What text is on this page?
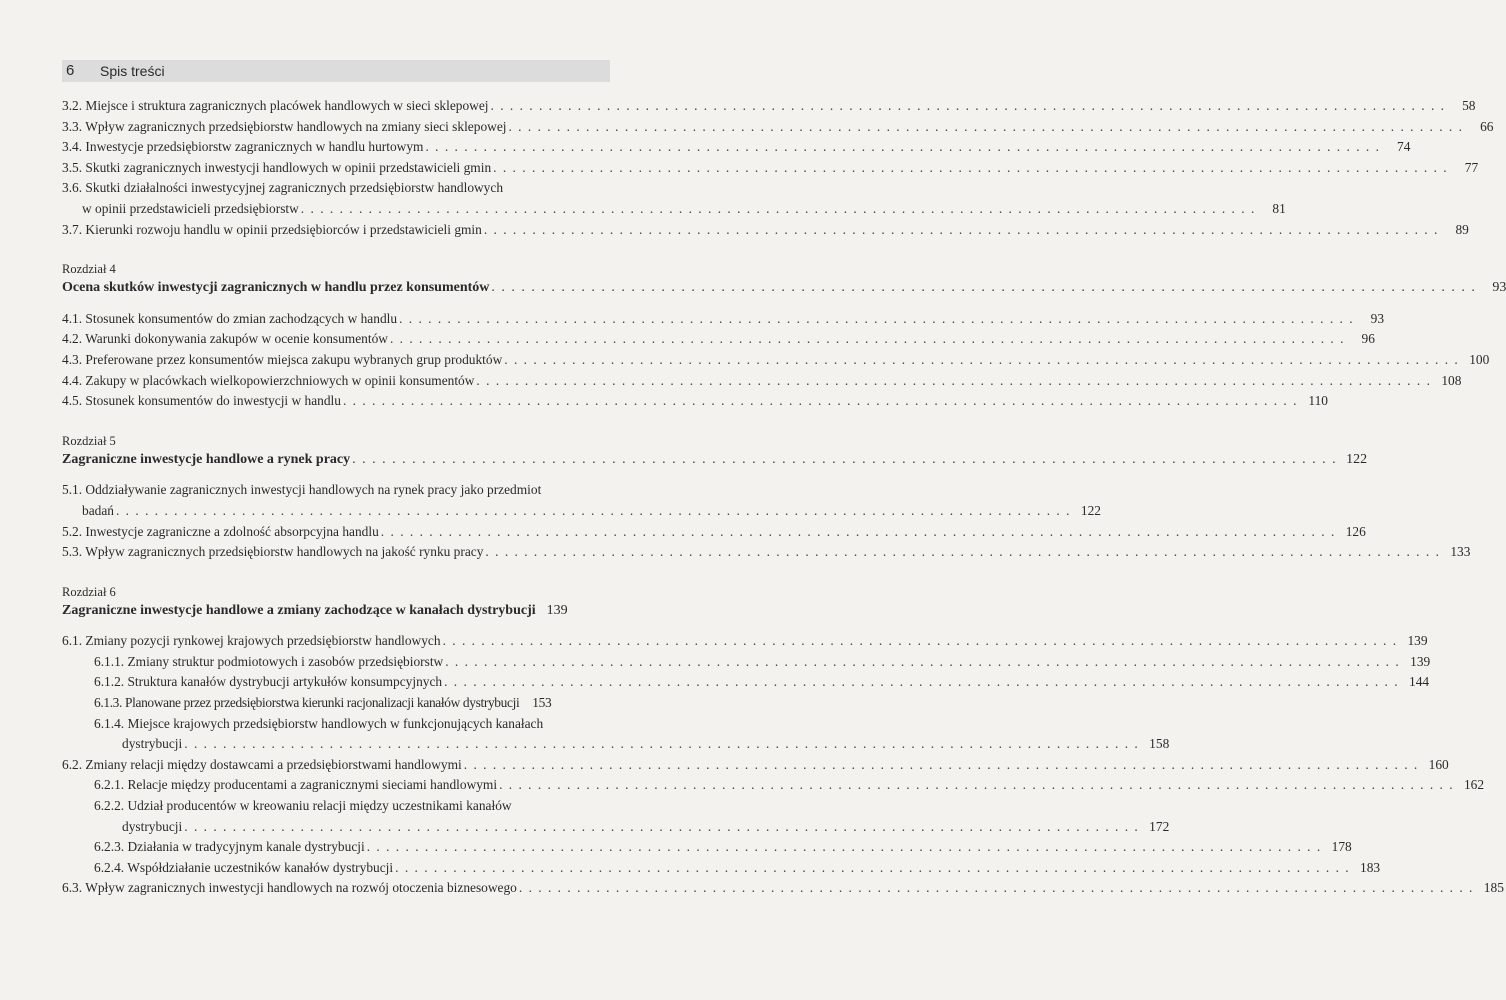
6 Spis treści
3.2. Miejsce i struktura zagranicznych placówek handlowych w sieci sklepowej . . . . . . . . . . . . . . . . . . . . . . . . . . . . . . . . . . . . . . . . . . . . . . . . . . . . . . . . . . . . . . . . . . . . . . . . . . . . . . . . . . . . . . . . . . . . . . . . . . .	58
3.3. Wpływ zagranicznych przedsiębiorstw handlowych na zmiany sieci sklepowej . . . . . . . . . . . . . . . . . . . . . . . . . . . . . . . . . . . . . . . . . . . . . . . . . . . . . . . . . . . . . . . . . . . . . . . . . . . . . . . . . . . . . . . . . . . . . . . . . . .	66
3.4. Inwestycje przedsiębiorstw zagranicznych w handlu hurtowym . . . . . . . . . . . . . . . . . . . . . . . . . . . . . . . . . . . . . . . . . . . . . . . . . . . . . . . . . . . . . . . . . . . . . . . . . . . . . . . . . . . . . . . . . . . . . . . . . . .	74
3.5. Skutki zagranicznych inwestycji handlowych w opinii przedstawicieli gmin . . . . . . . . . . . . . . . . . . . . . . . . . . . . . . . . . . . . . . . . . . . . . . . . . . . . . . . . . . . . . . . . . . . . . . . . . . . . . . . . . . . . . . . . . . . . . . . . . . .	77
3.6. Skutki działalności inwestycyjnej zagranicznych przedsiębiorstw handlowych
w opinii przedstawicieli przedsiębiorstw . . . . . . . . . . . . . . . . . . . . . . . . . . . . . . . . . . . . . . . . . . . . . . . . . . . . . . . . . . . . . . . . . . . . . . . . . . . . . . . . . . . . . . . . . . . . . . . . . . .	81
3.7. Kierunki rozwoju handlu w opinii przedsiębiorców i przedstawicieli gmin . . . . . . . . . . . . . . . . . . . . . . . . . . . . . . . . . . . . . . . . . . . . . . . . . . . . . . . . . . . . . . . . . . . . . . . . . . . . . . . . . . . . . . . . . . . . . . . . . . .	89
Rozdział 4
Ocena skutków inwestycji zagranicznych w handlu przez konsumentów . . . . . . . . . . . . . . . . . . . . . . . . . . . . . . . . . . . . . . . . . . . . . . . . . . . . . . . . . . . . . . . . . . . . . . . . . . . . . . . . . . . . . . . . . . . . . . . . . . .	93
4.1. Stosunek konsumentów do zmian zachodzących w handlu . . . . . . . . . . . . . . . . . . . . . . . . . . . . . . . . . . . . . . . . . . . . . . . . . . . . . . . . . . . . . . . . . . . . . . . . . . . . . . . . . . . . . . . . . . . . . . . . . . .	93
4.2. Warunki dokonywania zakupów w ocenie konsumentów . . . . . . . . . . . . . . . . . . . . . . . . . . . . . . . . . . . . . . . . . . . . . . . . . . . . . . . . . . . . . . . . . . . . . . . . . . . . . . . . . . . . . . . . . . . . . . . . . . .	96
4.3. Preferowane przez konsumentów miejsca zakupu wybranych grup produktów . . . . . . . . . . . . . . . . . . . . . . . . . . . . . . . . . . . . . . . . . . . . . . . . . . . . . . . . . . . . . . . . . . . . . . . . . . . . . . . . . . . . . . . . . . . . . . . . . . . 100
4.4. Zakupy w placówkach wielkopowierzchniowych w opinii konsumentów . . . . . . . . . . . . . . . . . . . . . . . . . . . . . . . . . . . . . . . . . . . . . . . . . . . . . . . . . . . . . . . . . . . . . . . . . . . . . . . . . . . . . . . . . . . . . . . . . . . 108
4.5. Stosunek konsumentów do inwestycji w handlu . . . . . . . . . . . . . . . . . . . . . . . . . . . . . . . . . . . . . . . . . . . . . . . . . . . . . . . . . . . . . . . . . . . . . . . . . . . . . . . . . . . . . . . . . . . . . . . . . . . 110
Rozdział 5
Zagraniczne inwestycje handlowe a rynek pracy . . . . . . . . . . . . . . . . . . . . . . . . . . . . . . . . . . . . . . . . . . . . . . . . . . . . . . . . . . . . . . . . . . . . . . . . . . . . . . . . . . . . . . . . . . . . . . . . . . . 122
5.1. Oddziaływanie zagranicznych inwestycji handlowych na rynek pracy jako przedmiot
badań . . . . . . . . . . . . . . . . . . . . . . . . . . . . . . . . . . . . . . . . . . . . . . . . . . . . . . . . . . . . . . . . . . . . . . . . . . . . . . . . . . . . . . . . . . . . . . . . . . . 122
5.2. Inwestycje zagraniczne a zdolność absorpcyjna handlu . . . . . . . . . . . . . . . . . . . . . . . . . . . . . . . . . . . . . . . . . . . . . . . . . . . . . . . . . . . . . . . . . . . . . . . . . . . . . . . . . . . . . . . . . . . . . . . . . . . 126
5.3. Wpływ zagranicznych przedsiębiorstw handlowych na jakość rynku pracy . . . . . . . . . . . . . . . . . . . . . . . . . . . . . . . . . . . . . . . . . . . . . . . . . . . . . . . . . . . . . . . . . . . . . . . . . . . . . . . . . . . . . . . . . . . . . . . . . . . 133
Rozdział 6
Zagraniczne inwestycje handlowe a zmiany zachodzące w kanałach dystrybucji 139
6.1. Zmiany pozycji rynkowej krajowych przedsiębiorstw handlowych . . . . . . . . . . . . . . . . . . . . . . . . . . . . . . . . . . . . . . . . . . . . . . . . . . . . . . . . . . . . . . . . . . . . . . . . . . . . . . . . . . . . . . . . . . . . . . . . . . . 139
6.1.1. Zmiany struktur podmiotowych i zasobów przedsiębiorstw . . . . . . . . . . . . . . . . . . . . . . . . . . . . . . . . . . . . . . . . . . . . . . . . . . . . . . . . . . . . . . . . . . . . . . . . . . . . . . . . . . . . . . . . . . . . . . . . . . . 139
6.1.2. Struktura kanałów dystrybucji artykułów konsumpcyjnych . . . . . . . . . . . . . . . . . . . . . . . . . . . . . . . . . . . . . . . . . . . . . . . . . . . . . . . . . . . . . . . . . . . . . . . . . . . . . . . . . . . . . . . . . . . . . . . . . . . 144
6.1.3. Planowane przez przedsiębiorstwa kierunki racjonalizacji kanałów dystrybucji 153
6.1.4. Miejsce krajowych przedsiębiorstw handlowych w funkcjonujących kanałach
dystrybucji . . . . . . . . . . . . . . . . . . . . . . . . . . . . . . . . . . . . . . . . . . . . . . . . . . . . . . . . . . . . . . . . . . . . . . . . . . . . . . . . . . . . . . . . . . . . . . . . . . . 158
6.2. Zmiany relacji między dostawcami a przedsiębiorstwami handlowymi . . . . . . . . . . . . . . . . . . . . . . . . . . . . . . . . . . . . . . . . . . . . . . . . . . . . . . . . . . . . . . . . . . . . . . . . . . . . . . . . . . . . . . . . . . . . . . . . . . . 160
6.2.1. Relacje między producentami a zagranicznymi sieciami handlowymi . . . . . . . . . . . . . . . . . . . . . . . . . . . . . . . . . . . . . . . . . . . . . . . . . . . . . . . . . . . . . . . . . . . . . . . . . . . . . . . . . . . . . . . . . . . . . . . . . . . 162
6.2.2. Udział producentów w kreowaniu relacji między uczestnikami kanałów
dystrybucji . . . . . . . . . . . . . . . . . . . . . . . . . . . . . . . . . . . . . . . . . . . . . . . . . . . . . . . . . . . . . . . . . . . . . . . . . . . . . . . . . . . . . . . . . . . . . . . . . . . 172
6.2.3. Działania w tradycyjnym kanale dystrybucji . . . . . . . . . . . . . . . . . . . . . . . . . . . . . . . . . . . . . . . . . . . . . . . . . . . . . . . . . . . . . . . . . . . . . . . . . . . . . . . . . . . . . . . . . . . . . . . . . . . 178
6.2.4. Współdziałanie uczestników kanałów dystrybucji . . . . . . . . . . . . . . . . . . . . . . . . . . . . . . . . . . . . . . . . . . . . . . . . . . . . . . . . . . . . . . . . . . . . . . . . . . . . . . . . . . . . . . . . . . . . . . . . . . . 183
6.3. Wpływ zagranicznych inwestycji handlowych na rozwój otoczenia biznesowego . . . . . . . . . . . . . . . . . . . . . . . . . . . . . . . . . . . . . . . . . . . . . . . . . . . . . . . . . . . . . . . . . . . . . . . . . . . . . . . . . . . . . . . . . . . . . . . . . . . 185
